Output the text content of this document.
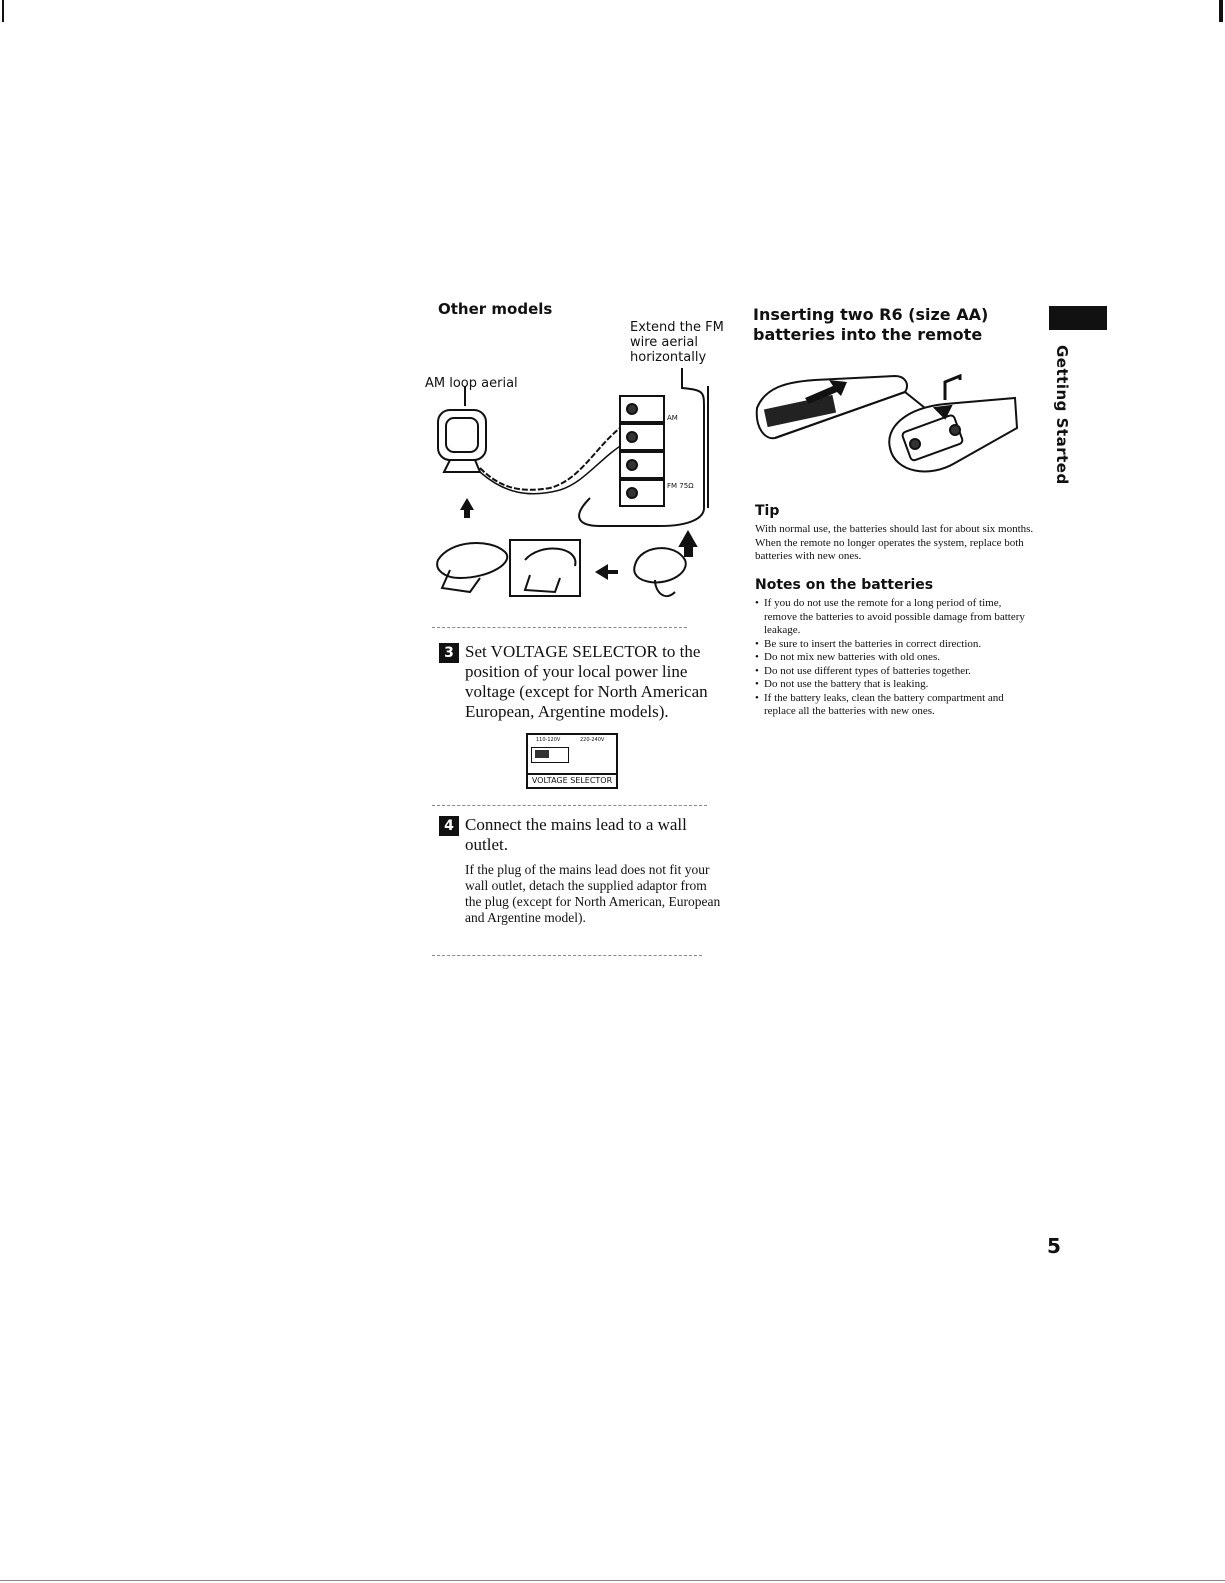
Other models
Extend the FM wire aerial horizontally
AM loop aerial
AM
FM 75Ω
3 Set VOLTAGE SELECTOR to the position of your local power line voltage (except for North American European, Argentine models).
110-120V	220-240V
VOLTAGE SELECTOR
4 Connect the mains lead to a wall outlet.
If the plug of the mains lead does not fit your wall outlet, detach the supplied adaptor from the plug (except for North American, European and Argentine model).
Inserting two R6 (size AA) batteries into the remote
Tip
With normal use, the batteries should last for about six months. When the remote no longer operates the system, replace both batteries with new ones.
Notes on the batteries
• If you do not use the remote for a long period of time, remove the batteries to avoid possible damage from battery leakage.
• Be sure to insert the batteries in correct direction.
• Do not mix new batteries with old ones.
• Do not use different types of batteries together.
• Do not use the battery that is leaking.
• If the battery leaks, clean the battery compartment and replace all the batteries with new ones.
Getting Started
5
